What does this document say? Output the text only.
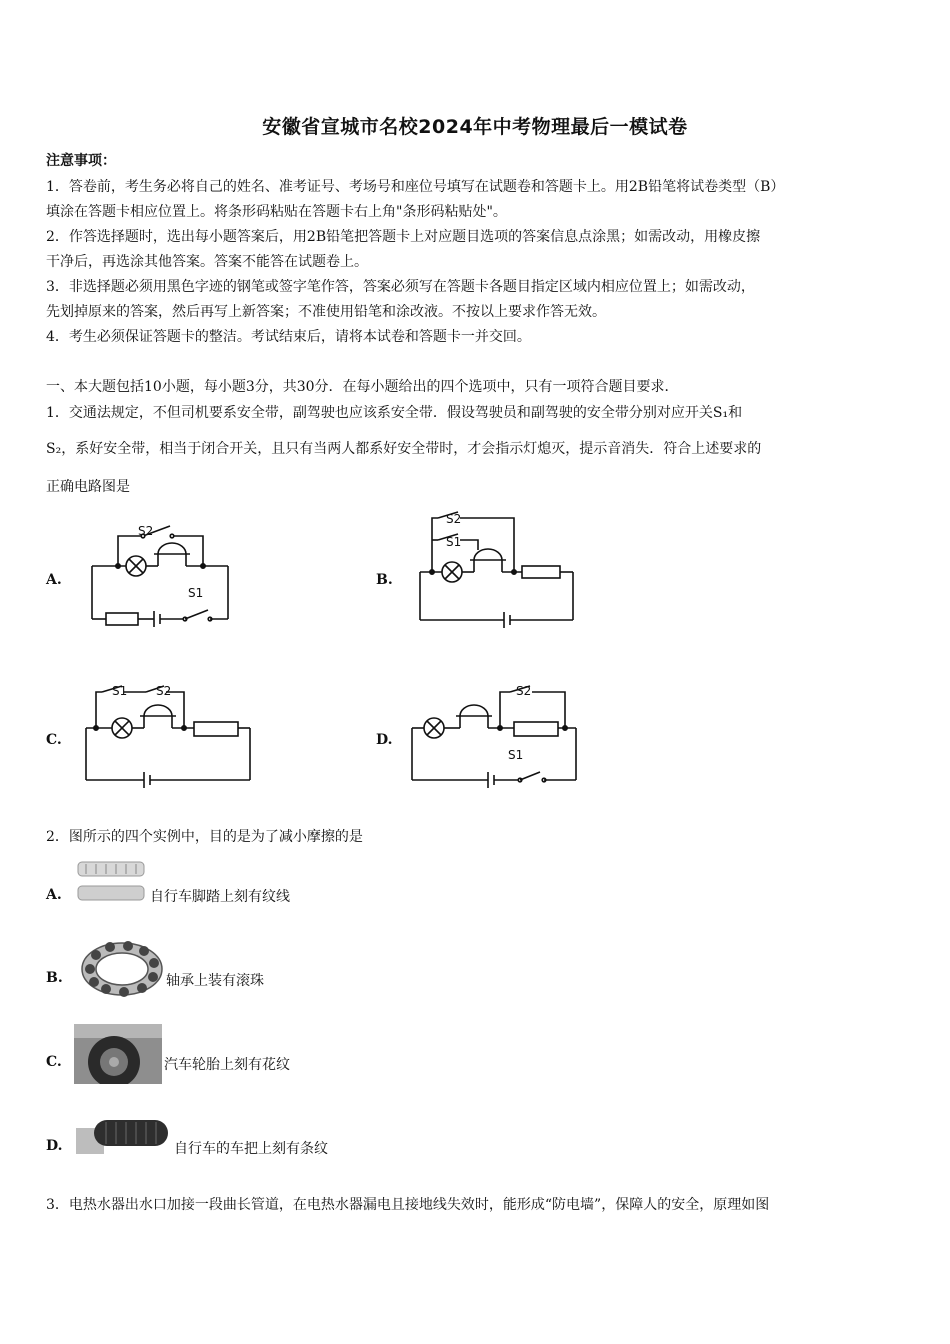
安徽省宣城市名校2024年中考物理最后一模试卷
注意事项：
1．答卷前，考生务必将自己的姓名、准考证号、考场号和座位号填写在试题卷和答题卡上。用2B铅笔将试卷类型（B）
填涂在答题卡相应位置上。将条形码粘贴在答题卡右上角"条形码粘贴处"。
2．作答选择题时，选出每小题答案后，用2B铅笔把答题卡上对应题目选项的答案信息点涂黑；如需改动，用橡皮擦
干净后，再选涂其他答案。答案不能答在试题卷上。
3．非选择题必须用黑色字迹的钢笔或签字笔作答，答案必须写在答题卡各题目指定区域内相应位置上；如需改动，
先划掉原来的答案，然后再写上新答案；不准使用铅笔和涂改液。不按以上要求作答无效。
4．考生必须保证答题卡的整洁。考试结束后，请将本试卷和答题卡一并交回。
一、本大题包括10小题，每小题3分，共30分．在每小题给出的四个选项中，只有一项符合题目要求．
1．交通法规定，不但司机要系安全带，副驾驶也应该系安全带．假设驾驶员和副驾驶的安全带分别对应开关S₁和
S₂，系好安全带，相当于闭合开关，且只有当两人都系好安全带时，才会指示灯熄灭，提示音消失．符合上述要求的
正确电路图是
A.
S2
S1
B.
S2
S1
C.
S1 S2
D.
S2
S1
2．图所示的四个实例中，目的是为了减小摩擦的是
A.	自行车脚踏上刻有纹线
B.	轴承上装有滚珠
C.	汽车轮胎上刻有花纹
D.	自行车的车把上刻有条纹
3．电热水器出水口加接一段曲长管道，在电热水器漏电且接地线失效时，能形成“防电墙”，保障人的安全，原理如图
